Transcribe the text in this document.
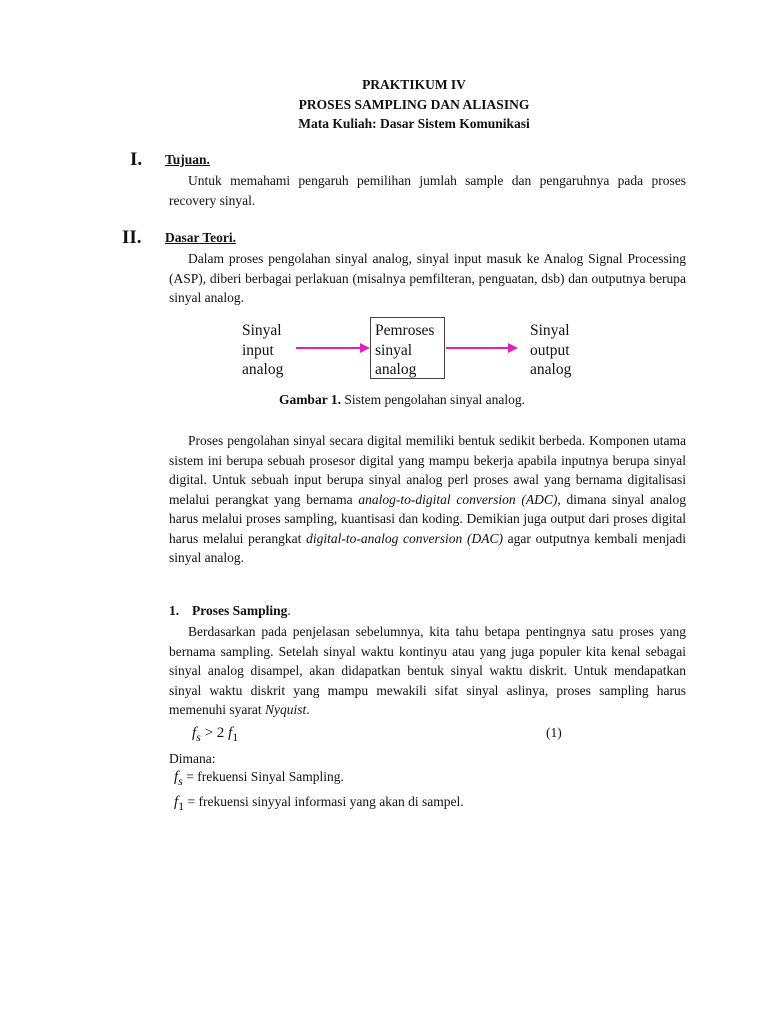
PRAKTIKUM IV
PROSES SAMPLING DAN ALIASING
Mata Kuliah: Dasar Sistem Komunikasi
I. Tujuan.
Untuk memahami pengaruh pemilihan jumlah sample dan pengaruhnya pada proses recovery sinyal.
II. Dasar Teori.
Dalam proses pengolahan sinyal analog, sinyal input masuk ke Analog Signal Processing (ASP), diberi berbagai perlakuan (misalnya pemfilteran, penguatan, dsb) dan outputnya berupa sinyal analog.
Sinyal
input
analog
Pemroses
sinyal
analog
Sinyal
output
analog
Gambar 1. Sistem pengolahan sinyal analog.
Proses pengolahan sinyal secara digital memiliki bentuk sedikit berbeda. Komponen utama sistem ini berupa sebuah prosesor digital yang mampu bekerja apabila inputnya berupa sinyal digital. Untuk sebuah input berupa sinyal analog perl proses awal yang bernama digitalisasi melalui perangkat yang bernama analog-to-digital conversion (ADC), dimana sinyal analog harus melalui proses sampling, kuantisasi dan koding. Demikian juga output dari proses digital harus melalui perangkat digital-to-analog conversion (DAC) agar outputnya kembali menjadi sinyal analog.
1. Proses Sampling.
Berdasarkan pada penjelasan sebelumnya, kita tahu betapa pentingnya satu proses yang bernama sampling. Setelah sinyal waktu kontinyu atau yang juga populer kita kenal sebagai sinyal analog disampel, akan didapatkan bentuk sinyal waktu diskrit. Untuk mendapatkan sinyal waktu diskrit yang mampu mewakili sifat sinyal aslinya, proses sampling harus memenuhi syarat Nyquist.
$f_s > 2$ $f_1$	(1)
Dimana:
$f_s$ = frekuensi Sinyal Sampling.
$f_1$ = frekuensi sinyyal informasi yang akan di sampel.
